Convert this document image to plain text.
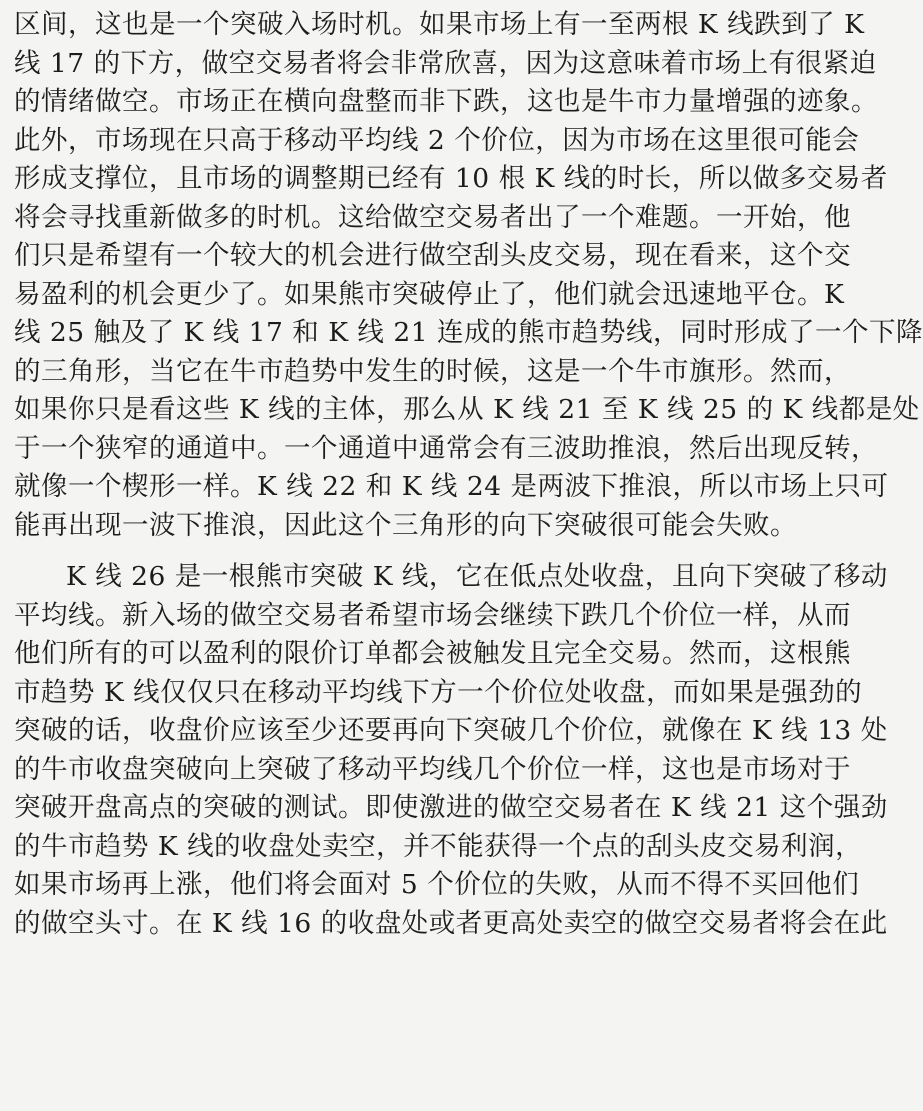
区间，这也是一个突破入场时机。如果市场上有一至两根 K 线跌到了 K
线 17 的下方，做空交易者将会非常欣喜，因为这意味着市场上有很紧迫
的情绪做空。市场正在横向盘整而非下跌，这也是牛市力量增强的迹象。
此外，市场现在只高于移动平均线 2 个价位，因为市场在这里很可能会
形成支撑位，且市场的调整期已经有 10 根 K 线的时长，所以做多交易者
将会寻找重新做多的时机。这给做空交易者出了一个难题。一开始，他
们只是希望有一个较大的机会进行做空刮头皮交易，现在看来，这个交
易盈利的机会更少了。如果熊市突破停止了，他们就会迅速地平仓。K
线 25 触及了 K 线 17 和 K 线 21 连成的熊市趋势线，同时形成了一个下降
的三角形，当它在牛市趋势中发生的时候，这是一个牛市旗形。然而，
如果你只是看这些 K 线的主体，那么从 K 线 21 至 K 线 25 的 K 线都是处
于一个狭窄的通道中。一个通道中通常会有三波助推浪，然后出现反转，
就像一个楔形一样。K 线 22 和 K 线 24 是两波下推浪，所以市场上只可
能再出现一波下推浪，因此这个三角形的向下突破很可能会失败。
K 线 26 是一根熊市突破 K 线，它在低点处收盘，且向下突破了移动
平均线。新入场的做空交易者希望市场会继续下跌几个价位一样，从而
他们所有的可以盈利的限价订单都会被触发且完全交易。然而，这根熊
市趋势 K 线仅仅只在移动平均线下方一个价位处收盘，而如果是强劲的
突破的话，收盘价应该至少还要再向下突破几个价位，就像在 K 线 13 处
的牛市收盘突破向上突破了移动平均线几个价位一样，这也是市场对于
突破开盘高点的突破的测试。即使激进的做空交易者在 K 线 21 这个强劲
的牛市趋势 K 线的收盘处卖空，并不能获得一个点的刮头皮交易利润，
如果市场再上涨，他们将会面对 5 个价位的失败，从而不得不买回他们
的做空头寸。在 K 线 16 的收盘处或者更高处卖空的做空交易者将会在此
